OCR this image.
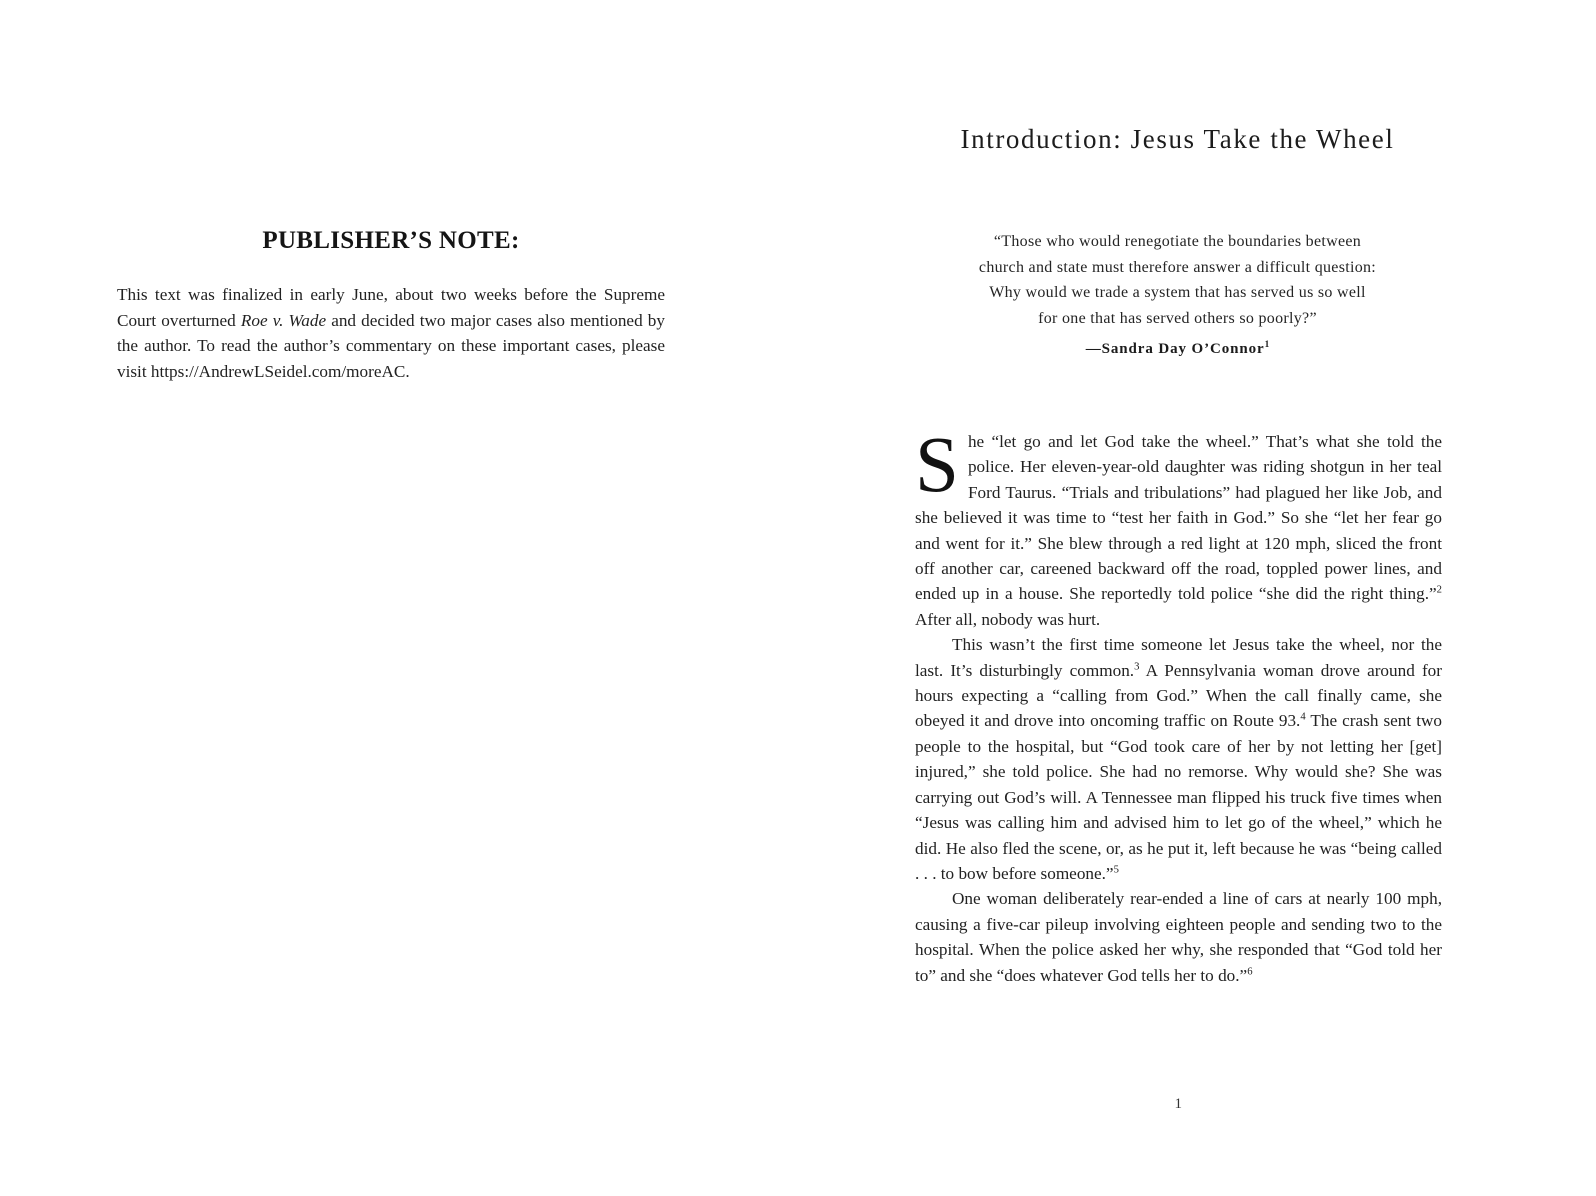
PUBLISHER’S NOTE:

This text was finalized in early June, about two weeks before the Supreme Court overturned Roe v. Wade and decided two major cases also mentioned by the author. To read the author’s commentary on these important cases, please visit https://AndrewLSeidel.com/moreAC.

Introduction: Jesus Take the Wheel
“Those who would renegotiate the boundaries between
church and state must therefore answer a difficult question:
Why would we trade a system that has served us so well
for one that has served others so poorly?”
—Sandra Day O’Connor$^1$

She “let go and let God take the wheel.” That’s what she told the police. Her eleven-year-old daughter was riding shotgun in her teal Ford Taurus. “Trials and tribulations” had plagued her like Job, and she believed it was time to “test her faith in God.” So she “let her fear go and went for it.” She blew through a red light at 120 mph, sliced the front off another car, careened backward off the road, toppled power lines, and ended up in a house. She reportedly told police “she did the right thing.”$^2$ After all, nobody was hurt.

This wasn’t the first time someone let Jesus take the wheel, nor the last. It’s disturbingly common.$^3$ A Pennsylvania woman drove around for hours expecting a “calling from God.” When the call finally came, she obeyed it and drove into oncoming traffic on Route 93.$^4$ The crash sent two people to the hospital, but “God took care of her by not letting her [get] injured,” she told police. She had no remorse. Why would she? She was carrying out God’s will. A Tennessee man flipped his truck five times when “Jesus was calling him and advised him to let go of the wheel,” which he did. He also fled the scene, or, as he put it, left because he was “being called . . . to bow before someone.”$^5$

One woman deliberately rear-ended a line of cars at nearly 100 mph, causing a five-car pileup involving eighteen people and sending two to the hospital. When the police asked her why, she responded that “God told her to” and she “does whatever God tells her to do.”$^6$

1
